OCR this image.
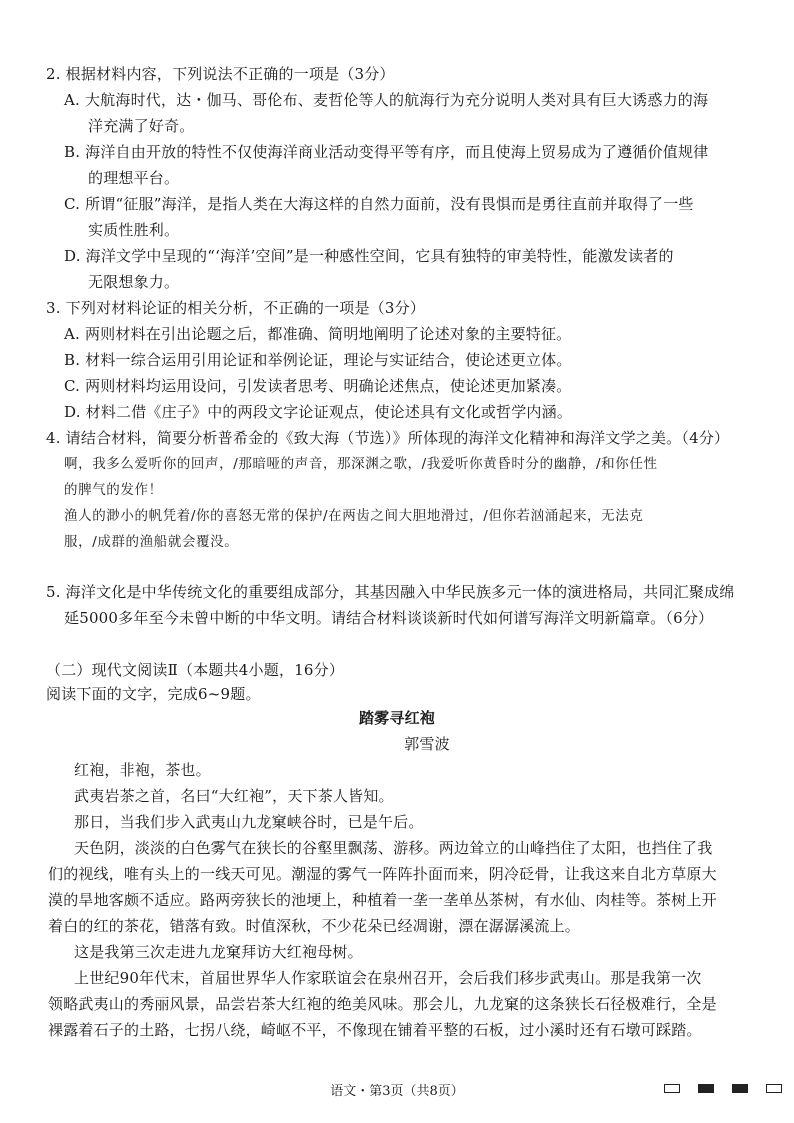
2. 根据材料内容，下列说法不正确的一项是（3分）
A. 大航海时代，达・伽马、哥伦布、麦哲伦等人的航海行为充分说明人类对具有巨大诱惑力的海
洋充满了好奇。
B. 海洋自由开放的特性不仅使海洋商业活动变得平等有序，而且使海上贸易成为了遵循价值规律
的理想平台。
C. 所谓“征服”海洋，是指人类在大海这样的自然力面前，没有畏惧而是勇往直前并取得了一些
实质性胜利。
D. 海洋文学中呈现的“‘海洋’空间”是一种感性空间，它具有独特的审美特性，能激发读者的
无限想象力。
3. 下列对材料论证的相关分析，不正确的一项是（3分）
A. 两则材料在引出论题之后，都准确、简明地阐明了论述对象的主要特征。
B. 材料一综合运用引用论证和举例论证，理论与实证结合，使论述更立体。
C. 两则材料均运用设问，引发读者思考、明确论述焦点，使论述更加紧凑。
D. 材料二借《庄子》中的两段文字论证观点，使论述具有文化或哲学内涵。
4. 请结合材料，简要分析普希金的《致大海（节选）》所体现的海洋文化精神和海洋文学之美。（4分）
啊，我多么爱听你的回声，/那暗哑的声音，那深渊之歌，/我爱听你黄昏时分的幽静，/和你任性
的脾气的发作！
渔人的渺小的帆凭着/你的喜怒无常的保护/在两齿之间大胆地滑过，/但你若汹涌起来，无法克
服，/成群的渔船就会覆没。
5. 海洋文化是中华传统文化的重要组成部分，其基因融入中华民族多元一体的演进格局，共同汇聚成绵
延5000多年至今未曾中断的中华文明。请结合材料谈谈新时代如何谱写海洋文明新篇章。（6分）
（二）现代文阅读Ⅱ（本题共4小题，16分）
阅读下面的文字，完成6~9题。
踏雾寻红袍
郭雪波
红袍，非袍，茶也。
武夷岩茶之首，名曰“大红袍”，天下茶人皆知。
那日，当我们步入武夷山九龙窠峡谷时，已是午后。
天色阴，淡淡的白色雾气在狭长的谷壑里飘荡、游移。两边耸立的山峰挡住了太阳，也挡住了我
们的视线，唯有头上的一线天可见。潮湿的雾气一阵阵扑面而来，阴冷砭骨，让我这来自北方草原大
漠的旱地客颇不适应。路两旁狭长的池埂上，种植着一垄一垄单丛茶树，有水仙、肉桂等。茶树上开
着白的红的茶花，错落有致。时值深秋，不少花朵已经凋谢，漂在潺潺溪流上。
这是我第三次走进九龙窠拜访大红袍母树。
上世纪90年代末，首届世界华人作家联谊会在泉州召开，会后我们移步武夷山。那是我第一次
领略武夷山的秀丽风景，品尝岩茶大红袍的绝美风味。那会儿，九龙窠的这条狭长石径极难行，全是
裸露着石子的土路，七拐八绕，崎岖不平，不像现在铺着平整的石板，过小溪时还有石墩可踩踏。
语文・第3页（共8页）
